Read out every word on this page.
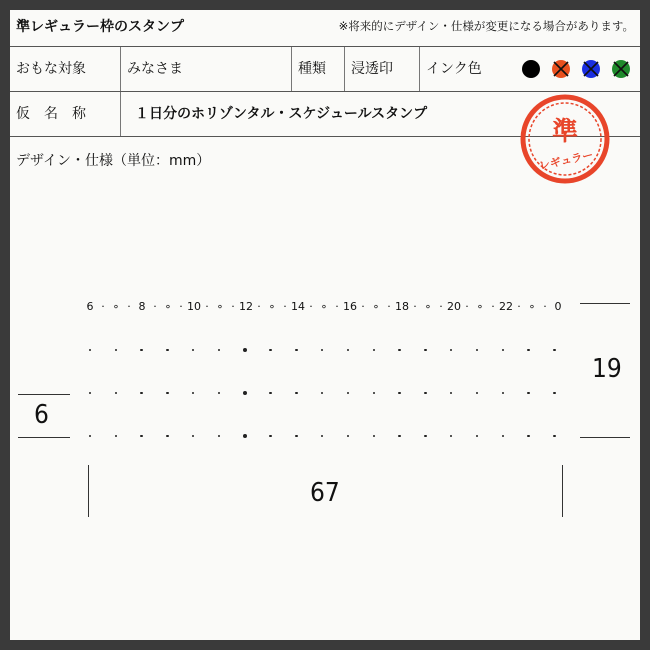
準レギュラー枠のスタンプ	※将来的にデザイン・仕様が変更になる場合があります。
おもな対象	みなさま	種類	浸透印	インク色
仮　名　称	１日分のホリゾンタル・スケジュールスタンプ
準
レギュラー
デザイン・仕様（単位：mm）
6 · ∘ · 8 · ∘ · 10 · ∘ · 12 · ∘ · 14 · ∘ · 16 · ∘ · 18 · ∘ · 20 · ∘ · 22 · ∘ · 0
19
6
67
